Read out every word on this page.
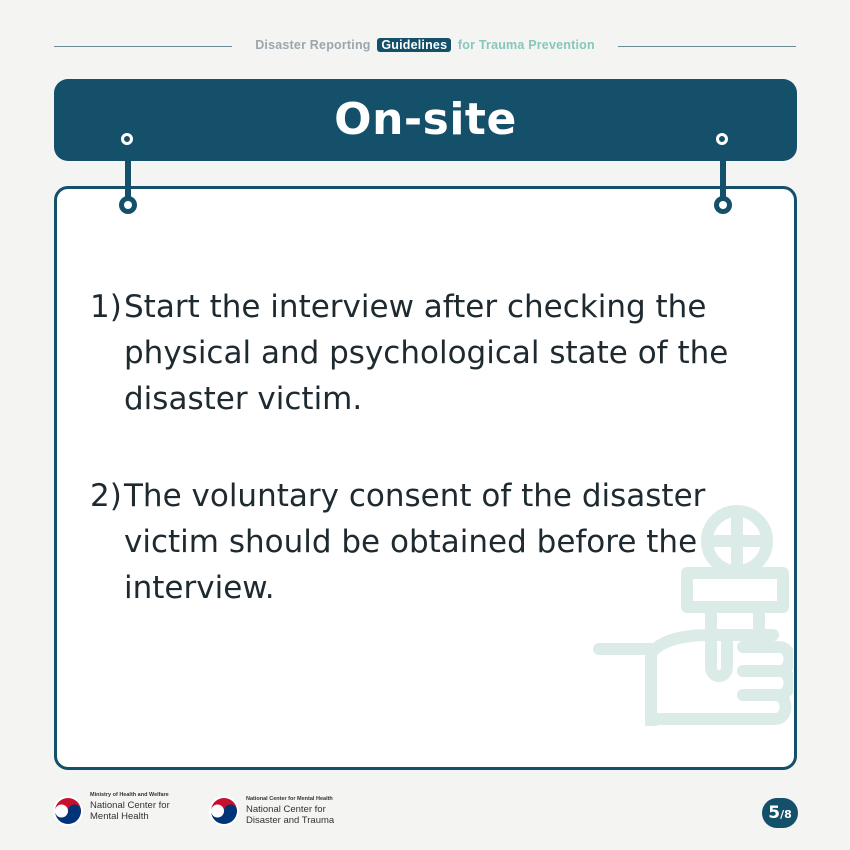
Disaster Reporting Guidelines for Trauma Prevention
On-site
1) Start the interview after checking the physical and psychological state of the disaster victim.
2) The voluntary consent of the disaster victim should be obtained before the interview.
Ministry of Health and Welfare
National Center for
Mental Health
National Center for Mental Health
National Center for
Disaster and Trauma	5/8
